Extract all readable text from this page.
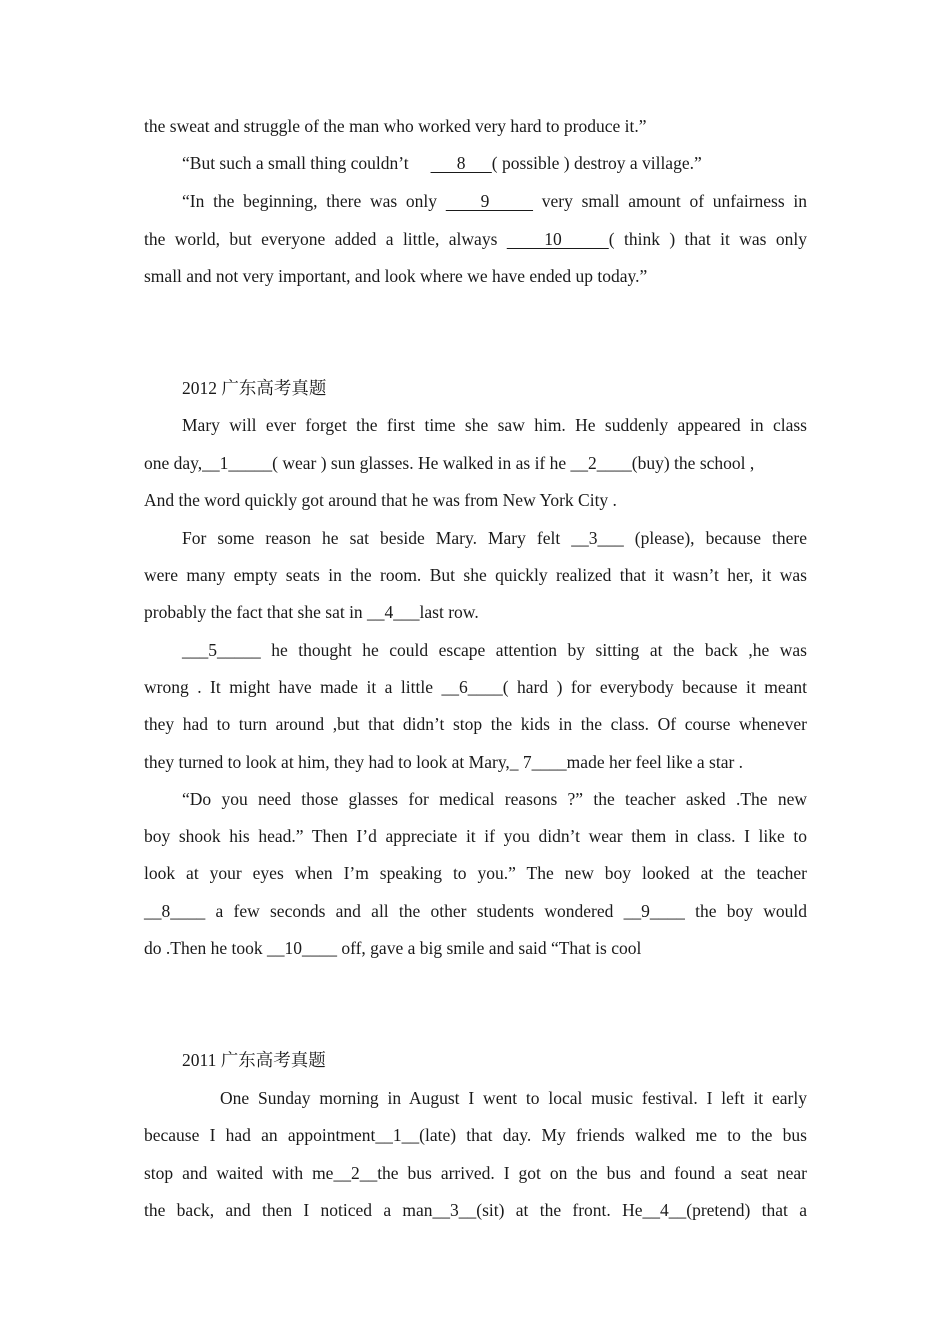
the sweat and struggle of the man who worked very hard to produce it.”
“But such a small thing couldn’t           8      ( possible ) destroy a village.”
“In the beginning, there was only     9      very small amount of unfairness in
the world, but everyone added a little, always     10     ( think ) that it was only
small and not very important, and look where we have ended up today.”
2012 广东高考真题
Mary will ever forget the first time she saw him. He suddenly appeared in class
one day,__1_____( wear ) sun glasses. He walked in as if he __2____(buy) the school ,
And the word quickly got around that he was from New York City .
For some reason he sat beside Mary. Mary felt __3___ (please), because there
were many empty seats in the room. But she quickly realized that it wasn’t her, it was
probably the fact that she sat in __4___last row.
___5_____ he thought he could escape attention by sitting at the back ,he was
wrong . It might have made it a little __6____( hard ) for everybody because it meant
they had to turn around ,but that didn’t stop the kids in the class. Of course whenever
they turned to look at him, they had to look at Mary,_ 7____made her feel like a star .
“Do you need those glasses for medical reasons ?” the teacher asked .The new
boy shook his head.” Then I’d appreciate it if you didn’t wear them in class. I like to
look at your eyes when I’m speaking to you.” The new boy looked at the teacher
__8____ a few seconds and all the other students wondered __9____ the boy would
do .Then he took __10____ off, gave a big smile and said “That is cool
2011 广东高考真题
One Sunday morning in August I went to local music festival. I left it early
because I had an appointment__1__(late) that day. My friends walked me to the bus
stop and waited with me__2__the bus arrived. I got on the bus and found a seat near
the back, and then I noticed a man__3__(sit) at the front. He__4__(pretend) that a
